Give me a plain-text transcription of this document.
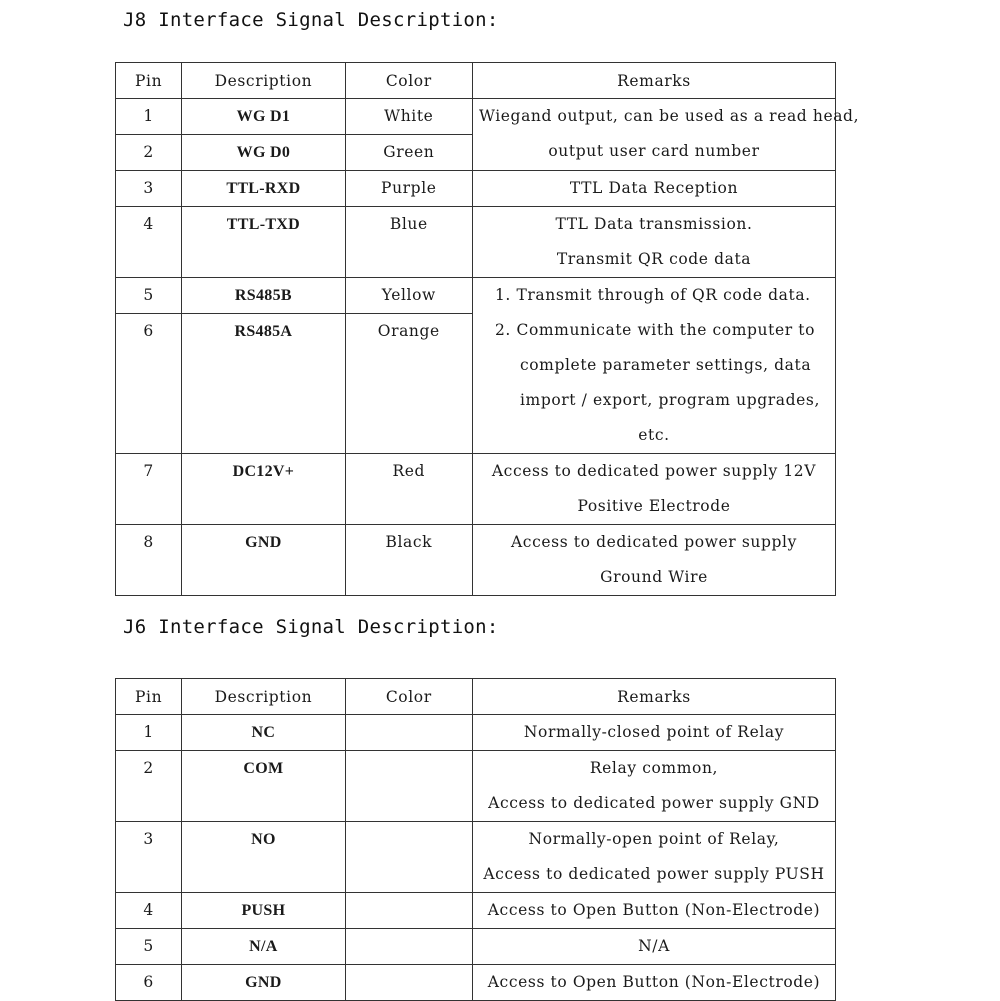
J8 Interface Signal Description:
Pin	Description	Color	Remarks

1	WG D1	White	Wiegand output, can be used as a read head,
output user card number

2	WG D0	Green	

3	TTL-RXD	Purple	TTL Data Reception

4	TTL-TXD	Blue	TTL Data transmission.
Transmit QR code data

5	RS485B	Yellow	1. Transmit through of QR code data.
2. Communicate with the computer to
complete parameter settings, data
import / export, program upgrades,
etc.

6	RS485A	Orange	

7	DC12V+	Red	Access to dedicated power supply 12V
Positive Electrode

8	GND	Black	Access to dedicated power supply
Ground Wire
J6 Interface Signal Description:
Pin	Description	Color	Remarks

1	NC		Normally-closed point of Relay

2	COM		Relay common,
Access to dedicated power supply GND

3	NO		Normally-open point of Relay,
Access to dedicated power supply PUSH

4	PUSH		Access to Open Button (Non-Electrode)

5	N/A		N/A

6	GND		Access to Open Button (Non-Electrode)
